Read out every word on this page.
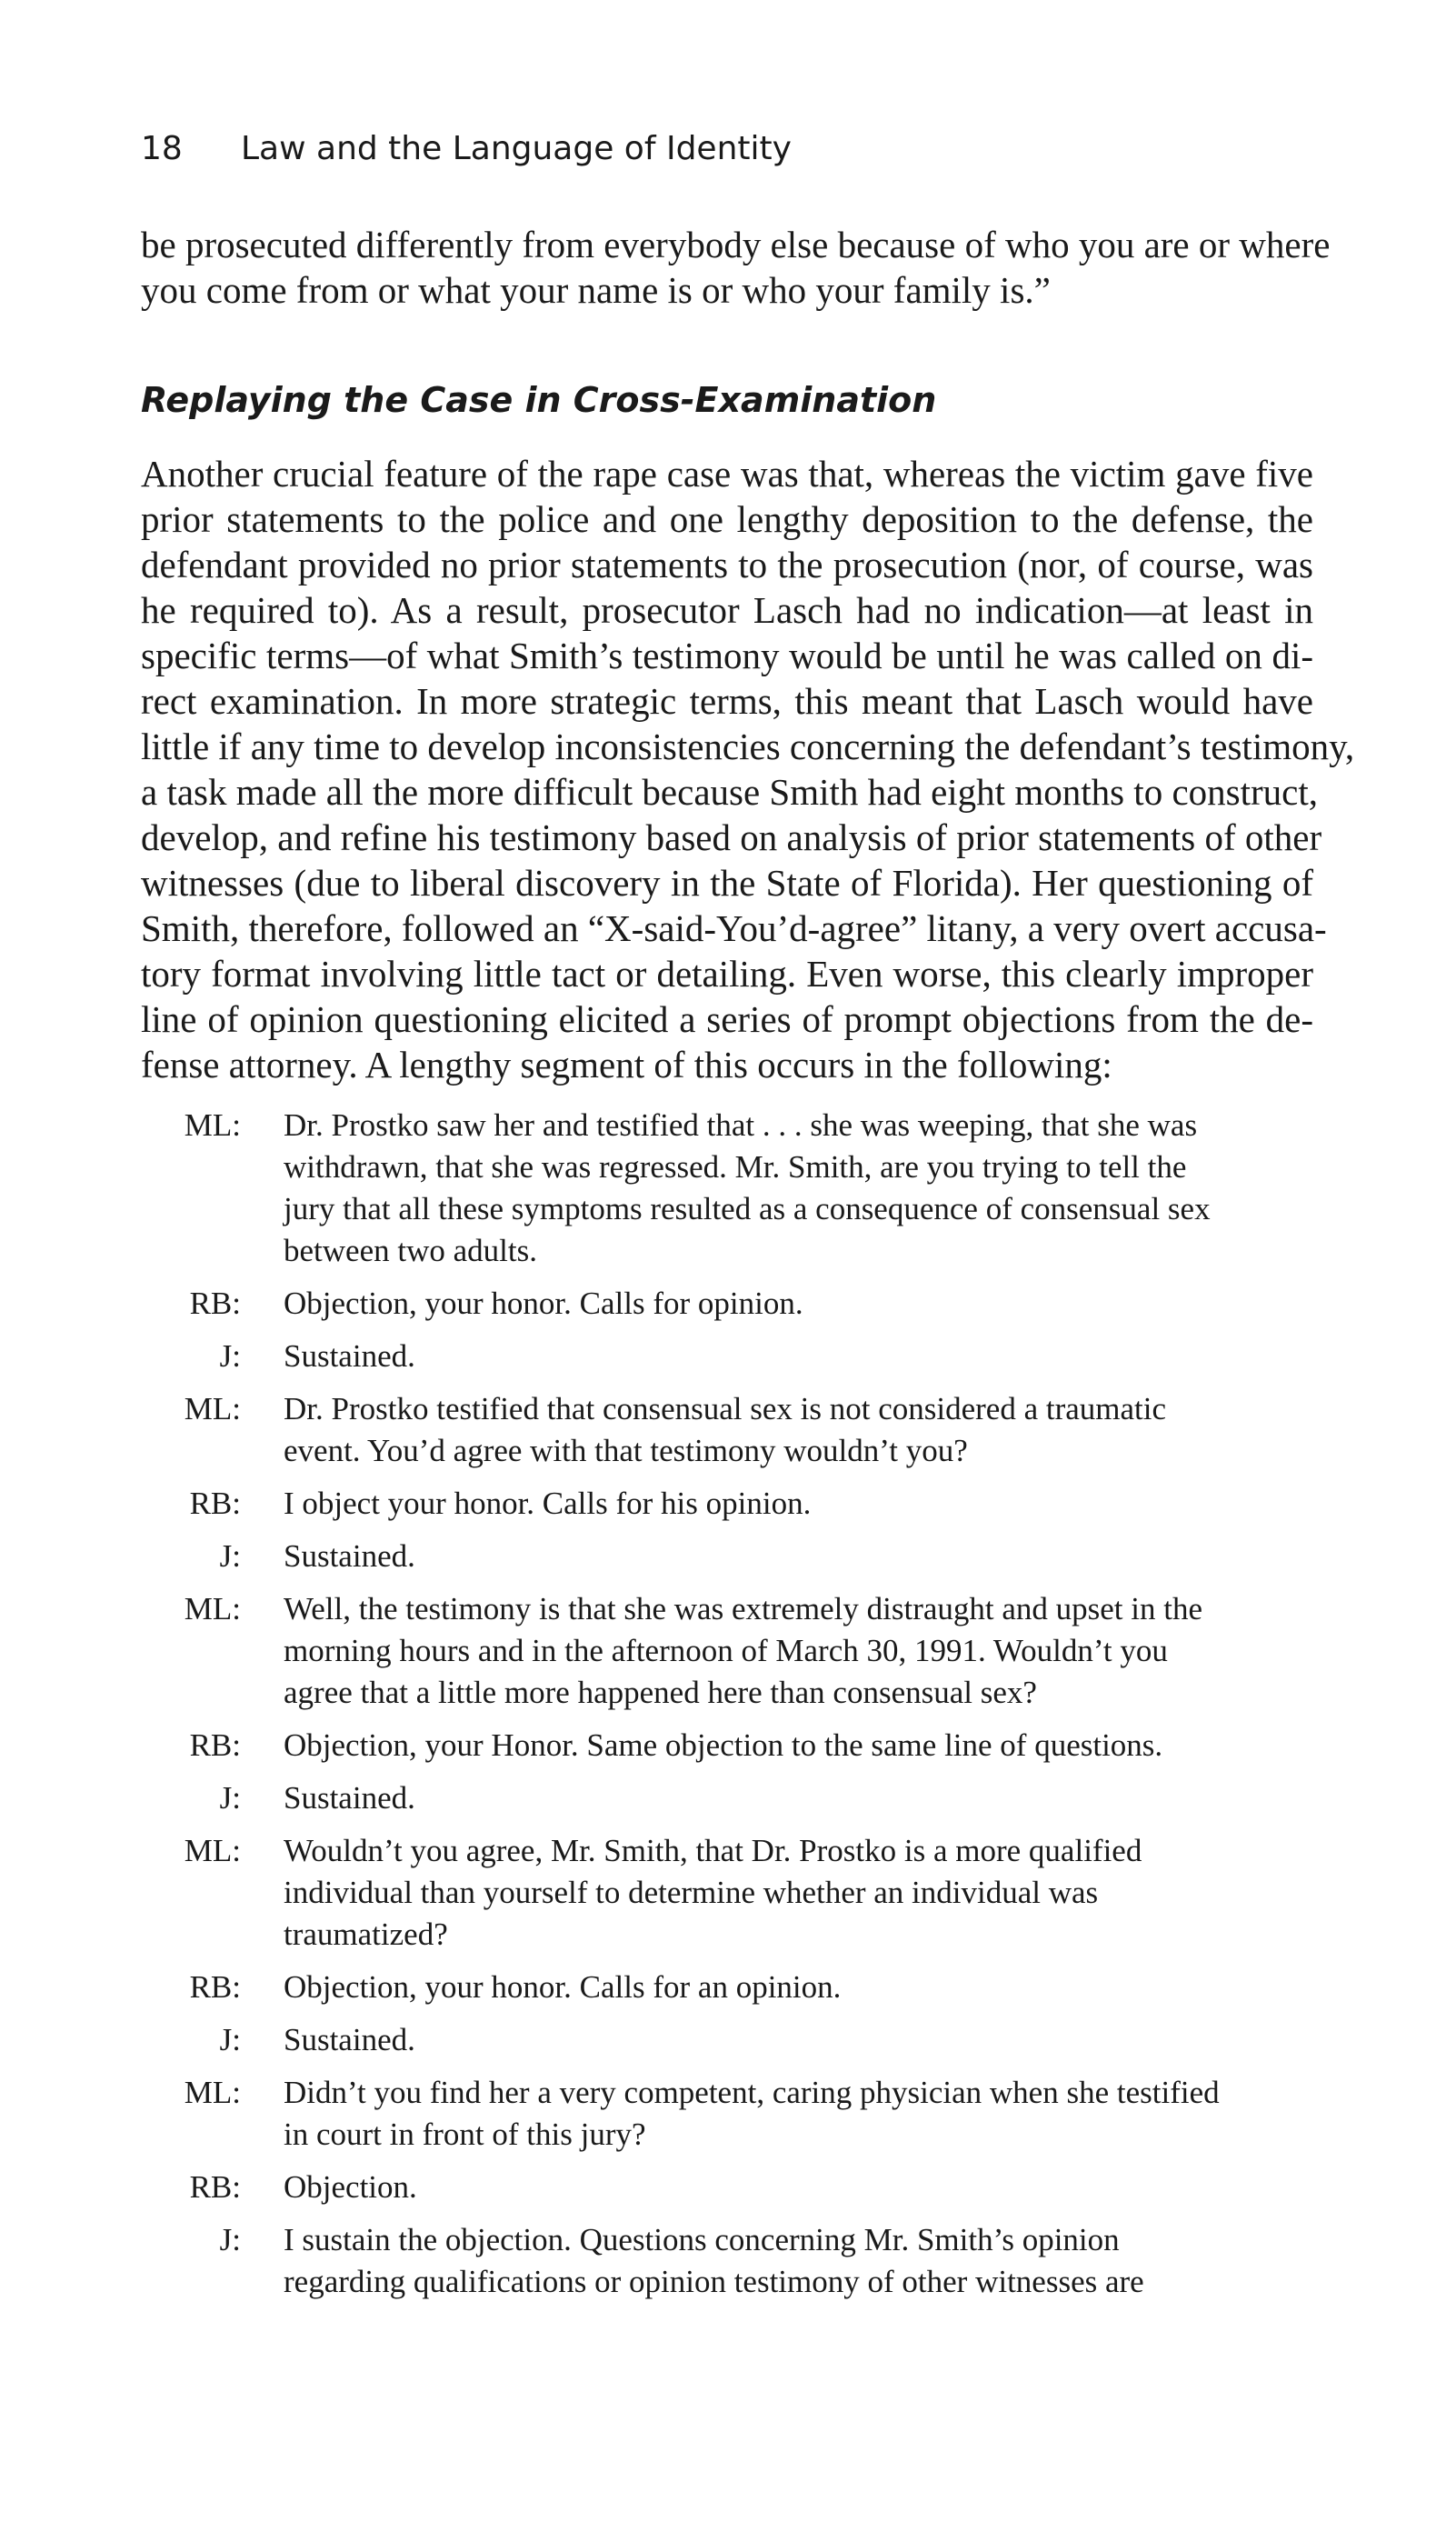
18 Law and the Language of Identity

be prosecuted differently from everybody else because of who you are or where
you come from or what your name is or who your family is.”

Replaying the Case in Cross-Examination

Another crucial feature of the rape case was that, whereas the victim gave five
prior statements to the police and one lengthy deposition to the defense, the
defendant provided no prior statements to the prosecution (nor, of course, was
he required to). As a result, prosecutor Lasch had no indication—at least in
specific terms—of what Smith’s testimony would be until he was called on di-
rect examination. In more strategic terms, this meant that Lasch would have
little if any time to develop inconsistencies concerning the defendant’s testimony,
a task made all the more difficult because Smith had eight months to construct,
develop, and refine his testimony based on analysis of prior statements of other
witnesses (due to liberal discovery in the State of Florida). Her questioning of
Smith, therefore, followed an “X-said-You’d-agree” litany, a very overt accusa-
tory format involving little tact or detailing. Even worse, this clearly improper
line of opinion questioning elicited a series of prompt objections from the de-
fense attorney. A lengthy segment of this occurs in the following:

ML:	Dr. Prostko saw her and testified that . . . she was weeping, that she was
withdrawn, that she was regressed. Mr. Smith, are you trying to tell the
jury that all these symptoms resulted as a consequence of consensual sex
between two adults.
RB:	Objection, your honor. Calls for opinion.
J:	Sustained.
ML:	Dr. Prostko testified that consensual sex is not considered a traumatic
event. You’d agree with that testimony wouldn’t you?
RB:	I object your honor. Calls for his opinion.
J:	Sustained.
ML:	Well, the testimony is that she was extremely distraught and upset in the
morning hours and in the afternoon of March 30, 1991. Wouldn’t you
agree that a little more happened here than consensual sex?
RB:	Objection, your Honor. Same objection to the same line of questions.
J:	Sustained.
ML:	Wouldn’t you agree, Mr. Smith, that Dr. Prostko is a more qualified
individual than yourself to determine whether an individual was
traumatized?
RB:	Objection, your honor. Calls for an opinion.
J:	Sustained.
ML:	Didn’t you find her a very competent, caring physician when she testified
in court in front of this jury?
RB:	Objection.
J:	I sustain the objection. Questions concerning Mr. Smith’s opinion
regarding qualifications or opinion testimony of other witnesses are
